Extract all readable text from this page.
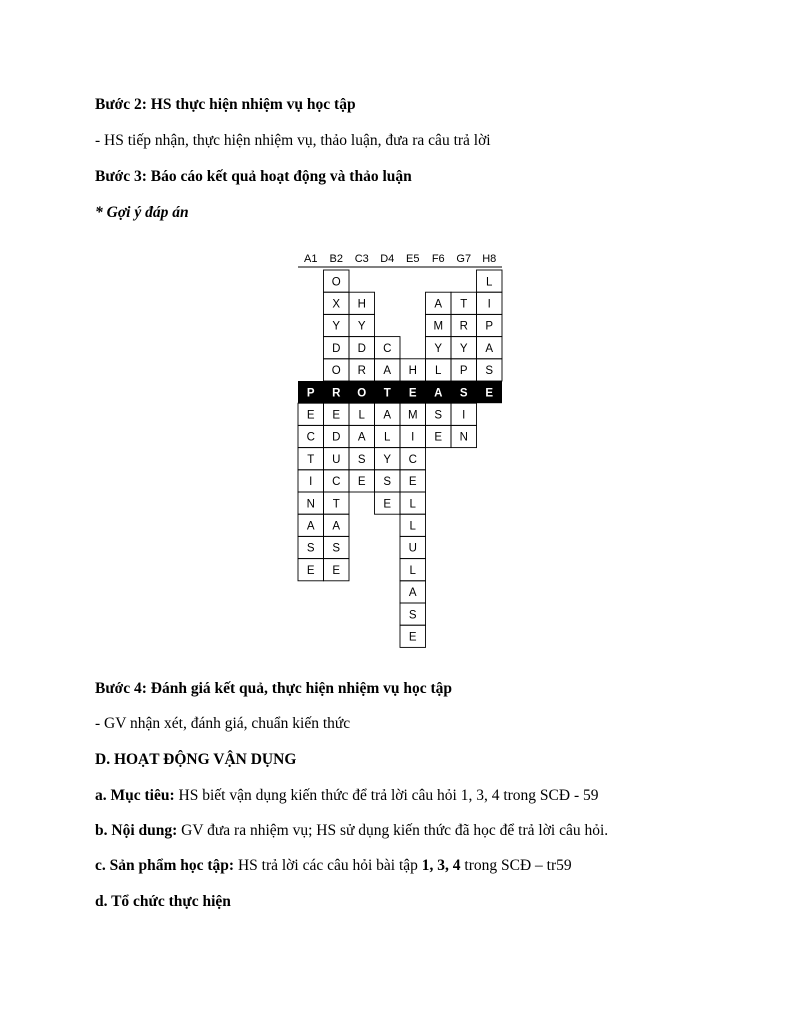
Bước 2: HS thực hiện nhiệm vụ học tập
- HS tiếp nhận, thực hiện nhiệm vụ, thảo luận, đưa ra câu trả lời
Bước 3: Báo cáo kết quả hoạt động và thảo luận
* Gợi ý đáp án
A1 B2 C3 D4 E5 F6 G7 H8
P
E
C
T
I
N
A
S
E
O
X
Y
D
O
R
E
D
U
C
T
A
S
E
H
Y
D
R
O
L
A
S
E
C
A
T
A
L
Y
S
E
H
E
M
I
C
E
L
L
U
L
A
S
E
A
M
Y
L
A
S
E
T
R
Y
P
S
I
N
L
I
P
A
S
E
Bước 4: Đánh giá kết quả, thực hiện nhiệm vụ học tập
- GV nhận xét, đánh giá, chuẩn kiến thức
D. HOẠT ĐỘNG VẬN DỤNG
a. Mục tiêu: HS biết vận dụng kiến thức để trả lời câu hỏi 1, 3, 4 trong SCĐ - 59
b. Nội dung: GV đưa ra nhiệm vụ; HS sử dụng kiến thức đã học để trả lời câu hỏi.
c. Sản phẩm học tập: HS trả lời các câu hỏi bài tập 1, 3, 4 trong SCĐ – tr59
d. Tổ chức thực hiện
